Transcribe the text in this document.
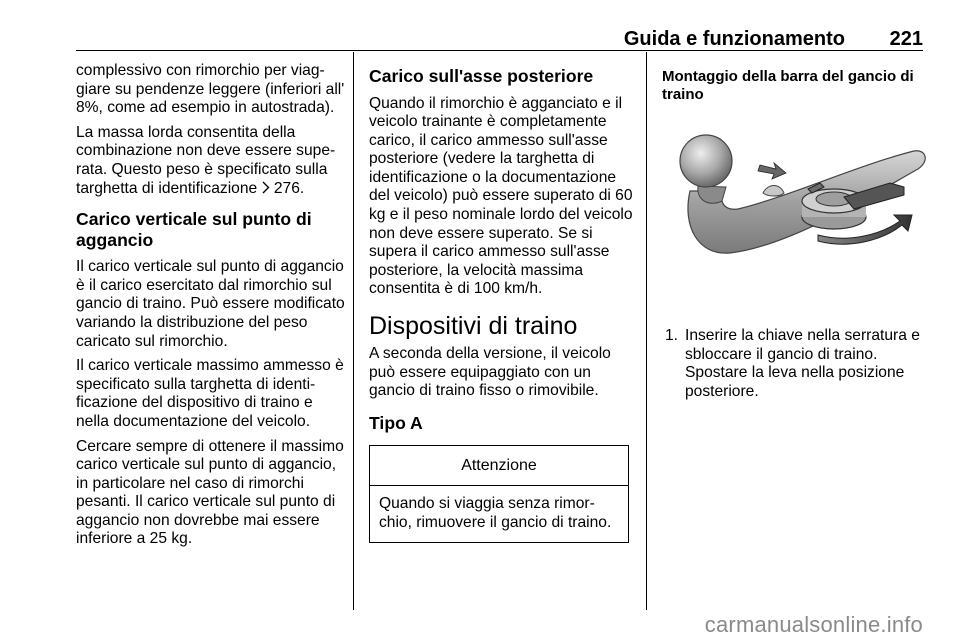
Guida e funzionamento 221

complessivo con rimorchio per viaggiare su pendenze leggere (inferiori all' 8%, come ad esempio in autostrada).

La massa lorda consentita della combinazione non deve essere superata. Questo peso è specificato sulla targhetta di identificazione 276.

Carico verticale sul punto di aggancio

Il carico verticale sul punto di aggancio è il carico esercitato dal rimorchio sul gancio di traino. Può essere modificato variando la distribuzione del peso caricato sul rimorchio.

Il carico verticale massimo ammesso è specificato sulla targhetta di identificazione del dispositivo di traino e nella documentazione del veicolo.

Cercare sempre di ottenere il massimo carico verticale sul punto di aggancio, in particolare nel caso di rimorchi pesanti. Il carico verticale sul punto di aggancio non dovrebbe mai essere inferiore a 25 kg.

Carico sull'asse posteriore

Quando il rimorchio è agganciato e il veicolo trainante è completamente carico, il carico ammesso sull'asse posteriore (vedere la targhetta di identificazione o la documentazione del veicolo) può essere superato di 60 kg e il peso nominale lordo del veicolo non deve essere superato. Se si supera il carico ammesso sull'asse posteriore, la velocità massima consentita è di 100 km/h.

Dispositivi di traino

A seconda della versione, il veicolo può essere equipaggiato con un gancio di traino fisso o rimovibile.

Tipo A
Attenzione
Quando si viaggia senza rimorchio, rimuovere il gancio di traino.
Montaggio della barra del gancio di traino
1. Inserire la chiave nella serratura e sbloccare il gancio di traino. Spostare la leva nella posizione posteriore.
carmanualsonline.info
